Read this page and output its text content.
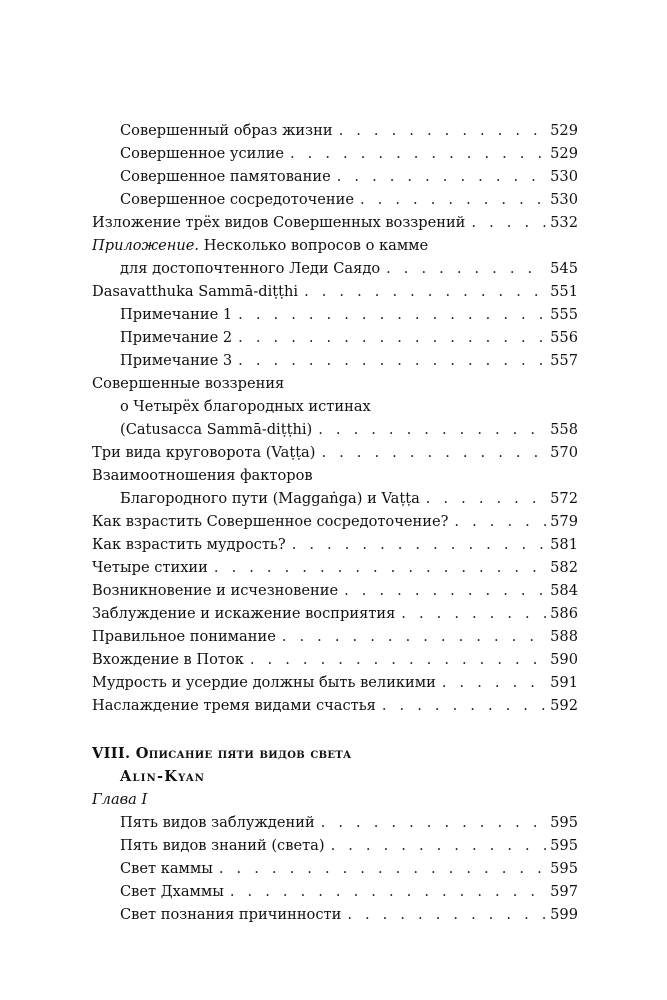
Совершенный образ жизни . . .	529
Совершенное усилие . . .	529
Совершенное памятование . . .	530
Совершенное сосредоточение . . .	530
Изложение трёх видов Совершенных воззрений . . .	532
Приложение. Несколько вопросов о камме
для достопочтенного Леди Саядо . . .	545
Dasavatthuka Sammā-diṭṭhi . . .	551
Примечание 1 . . .	555
Примечание 2 . . .	556
Примечание 3 . . .	557
Совершенные воззрения
о Четырёх благородных истинах
(Catusacca Sammā-diṭṭhi) . . .	558
Три вида круговорота (Vaṭṭa) . . .	570
Взаимоотношения факторов
Благородного пути (Maggaṅga) и Vaṭṭa . . .	572
Как взрастить Совершенное сосредоточение? . . .	579
Как взрастить мудрость? . . .	581
Четыре стихии . . .	582
Возникновение и исчезновение . . .	584
Заблуждение и искажение восприятия . . .	586
Правильное понимание . . .	588
Вхождение в Поток . . .	590
Мудрость и усердие должны быть великими . . .	591
Наслаждение тремя видами счастья . . .	592
VIII. Описание пяти видов света
Alin-Kyan
Глава I
Пять видов заблуждений . . .	595
Пять видов знаний (света) . . .	595
Свет каммы . . .	595
Свет Дхаммы . . .	597
Свет познания причинности . . .	599
